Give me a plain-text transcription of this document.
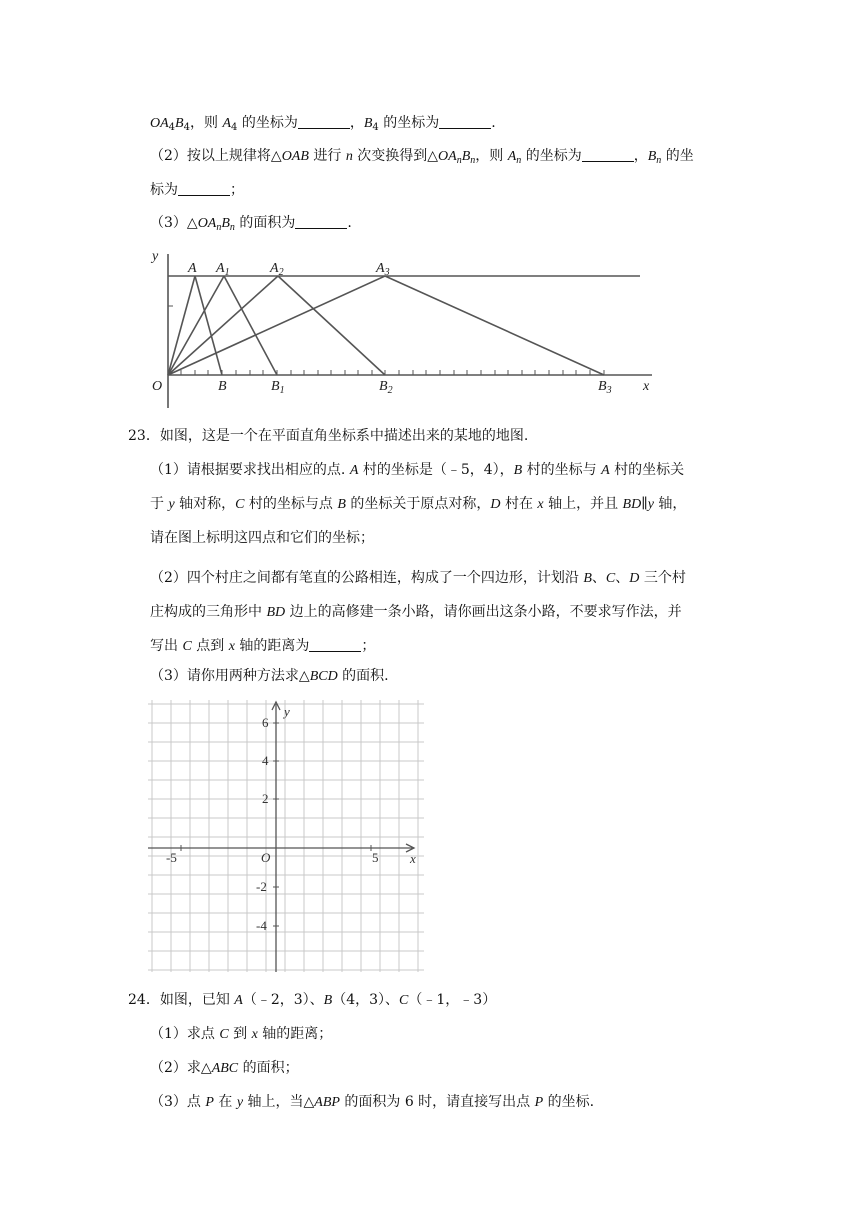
$OA_4B_4$，则 $A_4$ 的坐标为	，$B_4$ 的坐标为	.
（2）按以上规律将△OAB 进行 n 次变换得到$\triangle OA_nB_n$，则 $A_n$ 的坐标为	，$B_n$ 的坐
标为	；
$(3)\triangle OA_nB_n$ 的面积为	.
y
x
O
A $A_1$	$A_2$	$A_3$
B	$B_1$	$B_2$	$B_3$
23．如图，这是一个在平面直角坐标系中描述出来的某地的地图.
（1）请根据要求找出相应的点. A 村的坐标是（﹣5，4），B 村的坐标与 A 村的坐标关
于 y 轴对称，C 村的坐标与点 B 的坐标关于原点对称，D 村在 x 轴上，并且 BD∥y 轴，
请在图上标明这四点和它们的坐标；
（2）四个村庄之间都有笔直的公路相连，构成了一个四边形，计划沿 B、C、D 三个村
庄构成的三角形中 BD 边上的高修建一条小路，请你画出这条小路，不要求写作法，并
写出 C 点到 x 轴的距离为	；
（3）请你用两种方法求△BCD 的面积.
y
x
O
6
4
2
-2
-4
-5	5
24．如图，已知 A（﹣2，3）、B（4，3）、C（﹣1，﹣3）
（1）求点 C 到 x 轴的距离；
（2）求△ABC 的面积；
（3）点 P 在 y 轴上，当△ABP 的面积为 6 时，请直接写出点 P 的坐标.
